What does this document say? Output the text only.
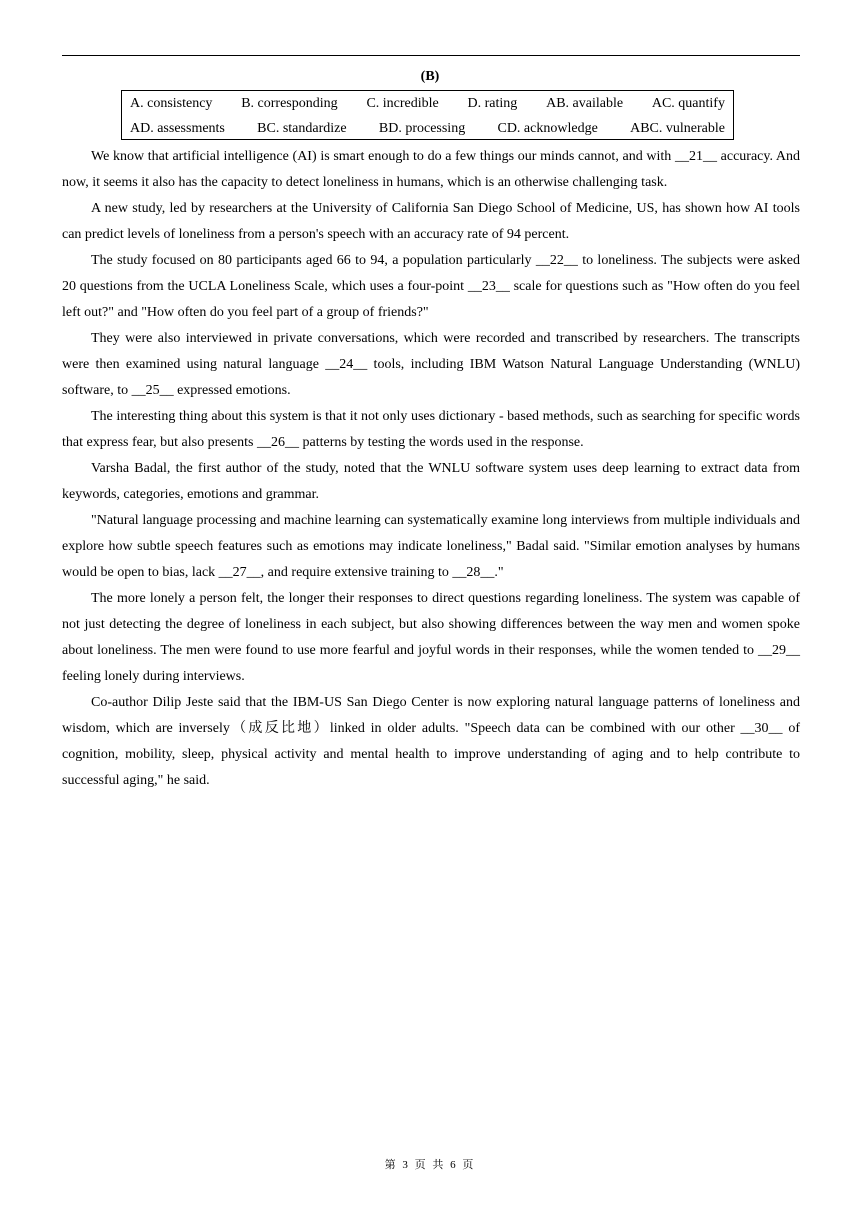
(B)
A. consistency B. corresponding C. incredible D. rating AB. available AC. quantify
AD. assessments BC. standardize BD. processing CD. acknowledge ABC. vulnerable

We know that artificial intelligence (AI) is smart enough to do a few things our minds cannot, and with __21__ accuracy. And now, it seems it also has the capacity to detect loneliness in humans, which is an otherwise challenging task.

A new study, led by researchers at the University of California San Diego School of Medicine, US, has shown how AI tools can predict levels of loneliness from a person's speech with an accuracy rate of 94 percent.

The study focused on 80 participants aged 66 to 94, a population particularly __22__ to loneliness. The subjects were asked 20 questions from the UCLA Loneliness Scale, which uses a four-point __23__ scale for questions such as "How often do you feel left out?" and "How often do you feel part of a group of friends?"

They were also interviewed in private conversations, which were recorded and transcribed by researchers. The transcripts were then examined using natural language __24__ tools, including IBM Watson Natural Language Understanding (WNLU) software, to __25__ expressed emotions.

The interesting thing about this system is that it not only uses dictionary - based methods, such as searching for specific words that express fear, but also presents __26__ patterns by testing the words used in the response.

Varsha Badal, the first author of the study, noted that the WNLU software system uses deep learning to extract data from keywords, categories, emotions and grammar.

"Natural language processing and machine learning can systematically examine long interviews from multiple individuals and explore how subtle speech features such as emotions may indicate loneliness," Badal said. "Similar emotion analyses by humans would be open to bias, lack __27__, and require extensive training to __28__."

The more lonely a person felt, the longer their responses to direct questions regarding loneliness. The system was capable of not just detecting the degree of loneliness in each subject, but also showing differences between the way men and women spoke about loneliness. The men were found to use more fearful and joyful words in their responses, while the women tended to __29__ feeling lonely during interviews.

Co-author Dilip Jeste said that the IBM-US San Diego Center is now exploring natural language patterns of loneliness and wisdom, which are inversely（成反比地）linked in older adults. "Speech data can be combined with our other __30__ of cognition, mobility, sleep, physical activity and mental health to improve understanding of aging and to help contribute to successful aging," he said.

第 3 页 共 6 页
